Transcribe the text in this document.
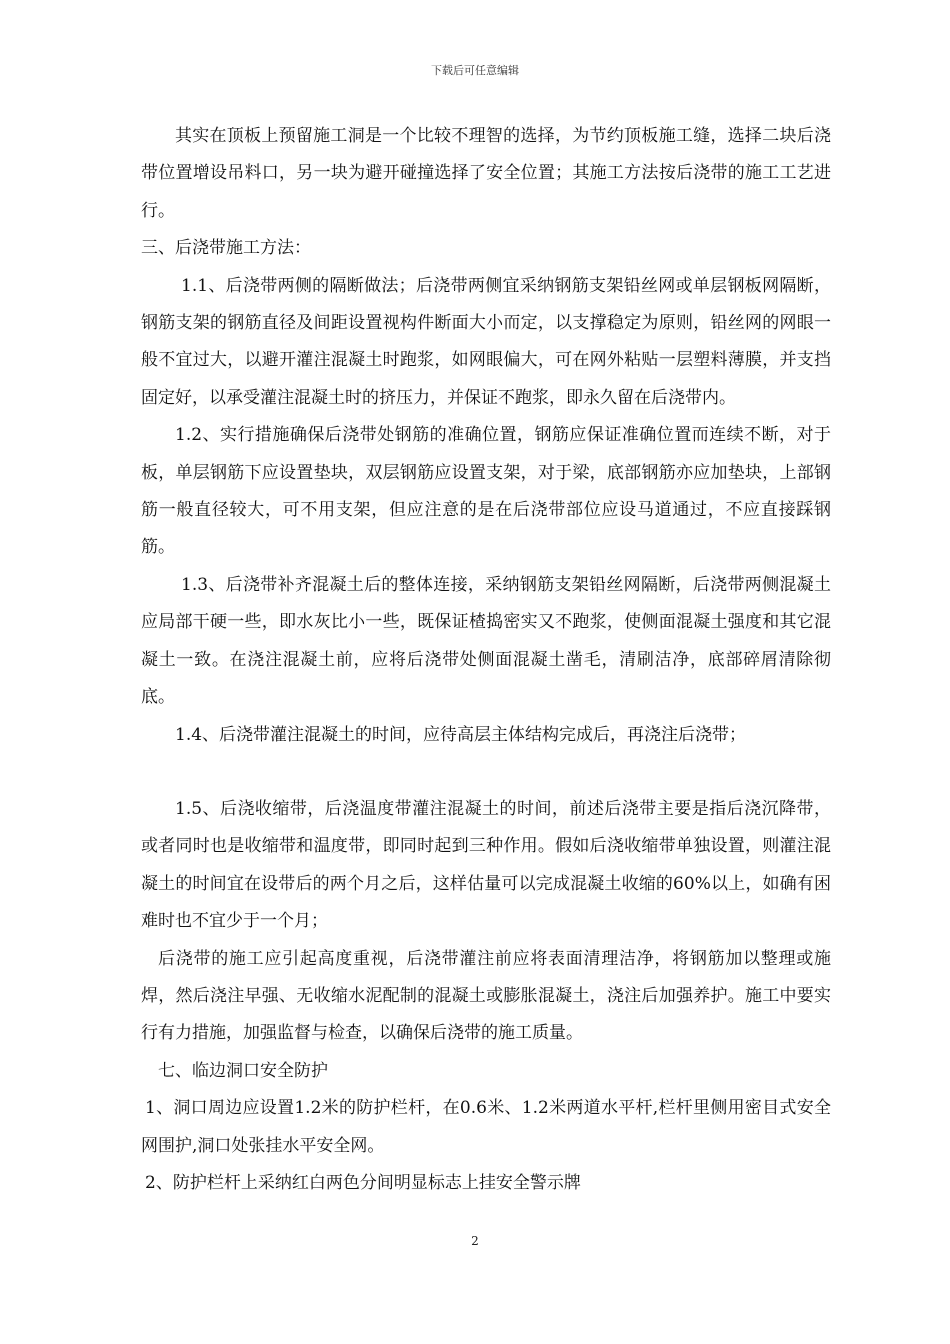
下载后可任意编辑

其实在顶板上预留施工洞是一个比较不理智的选择，为节约顶板施工缝，选择二块后浇带位置增设吊料口，另一块为避开碰撞选择了安全位置；其施工方法按后浇带的施工工艺进行。

三、后浇带施工方法：

1.1、后浇带两侧的隔断做法；后浇带两侧宜采纳钢筋支架铅丝网或单层钢板网隔断，钢筋支架的钢筋直径及间距设置视构件断面大小而定，以支撑稳定为原则，铅丝网的网眼一般不宜过大，以避开灌注混凝土时跑浆，如网眼偏大，可在网外粘贴一层塑料薄膜，并支挡固定好，以承受灌注混凝土时的挤压力，并保证不跑浆，即永久留在后浇带内。

1.2、实行措施确保后浇带处钢筋的准确位置，钢筋应保证准确位置而连续不断，对于板，单层钢筋下应设置垫块，双层钢筋应设置支架，对于梁，底部钢筋亦应加垫块，上部钢筋一般直径较大，可不用支架，但应注意的是在后浇带部位应设马道通过，不应直接踩钢筋。

1.3、后浇带补齐混凝土后的整体连接，采纳钢筋支架铅丝网隔断，后浇带两侧混凝土应局部干硬一些，即水灰比小一些，既保证楂捣密实又不跑浆，使侧面混凝土强度和其它混凝土一致。在浇注混凝土前，应将后浇带处侧面混凝土凿毛，清刷洁净，底部碎屑清除彻底。

1.4、后浇带灌注混凝土的时间，应待高层主体结构完成后，再浇注后浇带；

1.5、后浇收缩带，后浇温度带灌注混凝土的时间，前述后浇带主要是指后浇沉降带，或者同时也是收缩带和温度带，即同时起到三种作用。假如后浇收缩带单独设置，则灌注混凝土的时间宜在设带后的两个月之后，这样估量可以完成混凝土收缩的60%以上，如确有困难时也不宜少于一个月；

后浇带的施工应引起高度重视，后浇带灌注前应将表面清理洁净，将钢筋加以整理或施焊，然后浇注早强、无收缩水泥配制的混凝土或膨胀混凝土，浇注后加强养护。施工中要实行有力措施，加强监督与检查，以确保后浇带的施工质量。

七、临边洞口安全防护

1、洞口周边应设置1.2米的防护栏杆，在0.6米、1.2米两道水平杆,栏杆里侧用密目式安全网围护,洞口处张挂水平安全网。

2、防护栏杆上采纳红白两色分间明显标志上挂安全警示牌

2
